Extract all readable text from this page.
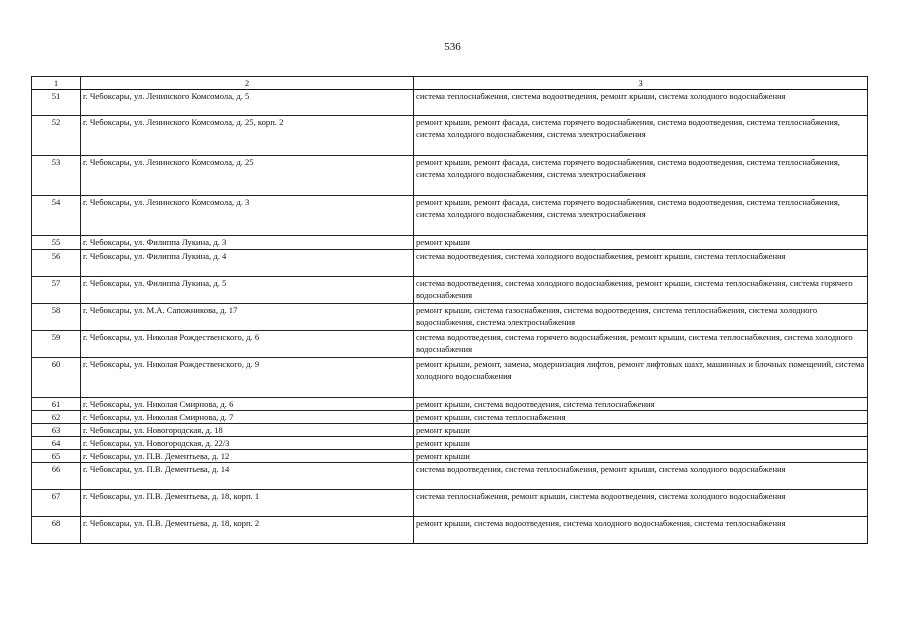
536
1	2	3
51	г. Чебоксары, ул. Ленинского Комсомола, д. 5	система теплоснабжения, система водоотведения, ремонт крыши, система холодного водоснабжения
52	г. Чебоксары, ул. Ленинского Комсомола, д. 25, корп. 2	ремонт крыши, ремонт фасада, система горячего водоснабжения, система водоотведения, система теплоснабжения, система холодного водоснабжения, система электроснабжения
53	г. Чебоксары, ул. Ленинского Комсомола, д. 25	ремонт крыши, ремонт фасада, система горячего водоснабжения, система водоотведения, система теплоснабжения, система холодного водоснабжения, система электроснабжения
54	г. Чебоксары, ул. Ленинского Комсомола, д. 3	ремонт крыши, ремонт фасада, система горячего водоснабжения, система водоотведения, система теплоснабжения, система холодного водоснабжения, система электроснабжения
55	г. Чебоксары, ул. Филиппа Лукина, д. 3	ремонт крыши
56	г. Чебоксары, ул. Филиппа Лукина, д. 4	система водоотведения, система холодного водоснабжения, ремонт крыши, система теплоснабжения
57	г. Чебоксары, ул. Филиппа Лукина, д. 5	система водоотведения, система холодного водоснабжения, ремонт крыши, система теплоснабжения, система горячего водоснабжения
58	г. Чебоксары, ул. М.А. Сапожникова, д. 17	ремонт крыши, система газоснабжения, система водоотведения, система теплоснабжения, система холодного водоснабжения, система электроснабжения
59	г. Чебоксары, ул. Николая Рождественского, д. 6	система водоотведения, система горячего водоснабжения, ремонт крыши, система теплоснабжения, система холодного водоснабжения
60	г. Чебоксары, ул. Николая Рождественского, д. 9	ремонт крыши, ремонт, замена, модернизация лифтов, ремонт лифтовых шахт, машинных и блочных помещений, система холодного водоснабжения
61	г. Чебоксары, ул. Николая Смирнова, д. 6	ремонт крыши, система водоотведения, система теплоснабжения
62	г. Чебоксары, ул. Николая Смирнова, д. 7	ремонт крыши, система теплоснабжения
63	г. Чебоксары, ул. Новогородская, д. 18	ремонт крыши
64	г. Чебоксары, ул. Новогородская, д. 22/3	ремонт крыши
65	г. Чебоксары, ул. П.В. Дементьева, д. 12	ремонт крыши
66	г. Чебоксары, ул. П.В. Дементьева, д. 14	система водоотведения, система теплоснабжения, ремонт крыши, система холодного водоснабжения
67	г. Чебоксары, ул. П.В. Дементьева, д. 18, корп. 1	система теплоснабжения, ремонт крыши, система водоотведения, система холодного водоснабжения
68	г. Чебоксары, ул. П.В. Дементьева, д. 18, корп. 2	ремонт крыши, система водоотведения, система холодного водоснабжения, система теплоснабжения
